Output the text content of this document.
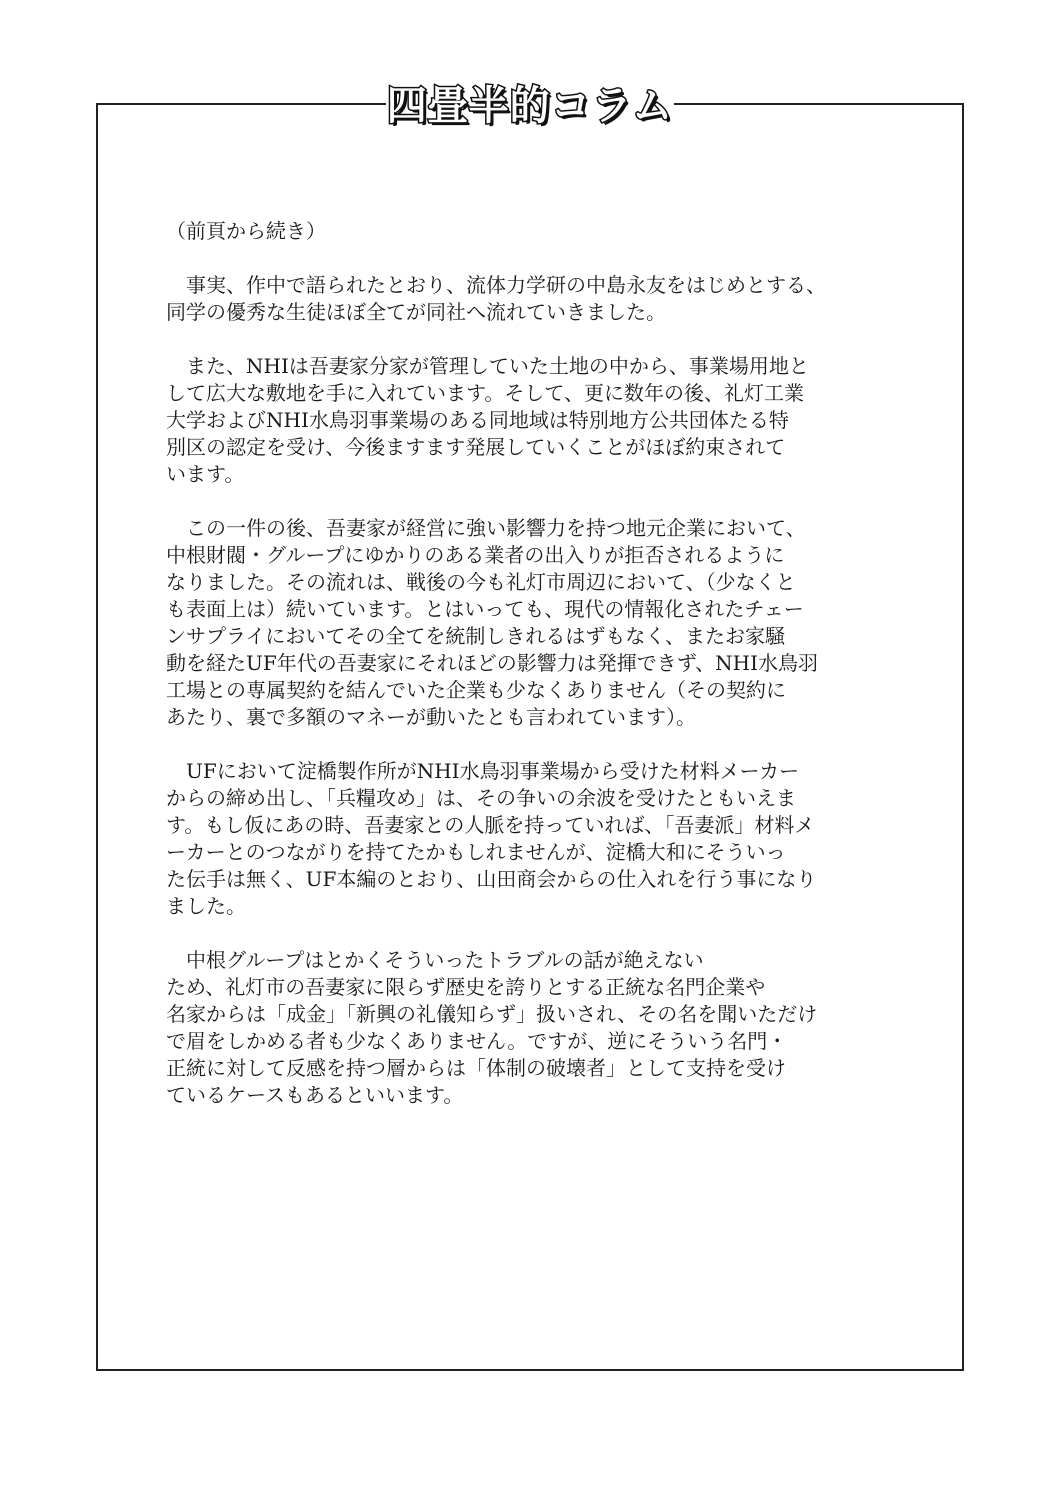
四畳半的コラム
（前頁から続き）
　事実、作中で語られたとおり、流体力学研の中島永友をはじめとする、
同学の優秀な生徒ほぼ全てが同社へ流れていきました。
　また、NHIは吾妻家分家が管理していた土地の中から、事業場用地と
して広大な敷地を手に入れています。そして、更に数年の後、礼灯工業
大学およびNHI水鳥羽事業場のある同地域は特別地方公共団体たる特
別区の認定を受け、今後ますます発展していくことがほぼ約束されて
います。
　この一件の後、吾妻家が経営に強い影響力を持つ地元企業において、
中根財閥・グループにゆかりのある業者の出入りが拒否されるように
なりました。その流れは、戦後の今も礼灯市周辺において、（少なくと
も表面上は）続いています。とはいっても、現代の情報化されたチェー
ンサプライにおいてその全てを統制しきれるはずもなく、またお家騒
動を経たUF年代の吾妻家にそれほどの影響力は発揮できず、NHI水鳥羽
工場との専属契約を結んでいた企業も少なくありません（その契約に
あたり、裏で多額のマネーが動いたとも言われています）。
　UFにおいて淀橋製作所がNHI水鳥羽事業場から受けた材料メーカー
からの締め出し、「兵糧攻め」は、その争いの余波を受けたともいえま
す。もし仮にあの時、吾妻家との人脈を持っていれば、「吾妻派」材料メ
ーカーとのつながりを持てたかもしれませんが、淀橋大和にそういっ
た伝手は無く、UF本編のとおり、山田商会からの仕入れを行う事になり
ました。
　中根グループはとかくそういったトラブルの話が絶えない
ため、礼灯市の吾妻家に限らず歴史を誇りとする正統な名門企業や
名家からは「成金」「新興の礼儀知らず」扱いされ、その名を聞いただけ
で眉をしかめる者も少なくありません。ですが、逆にそういう名門・
正統に対して反感を持つ層からは「体制の破壊者」として支持を受け
ているケースもあるといいます。
